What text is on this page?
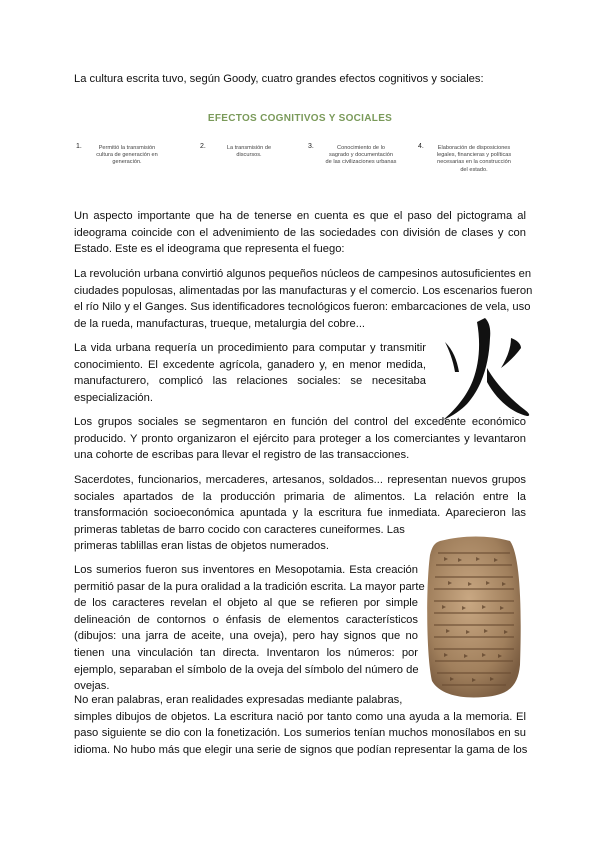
La cultura escrita tuvo, según Goody, cuatro grandes efectos cognitivos y sociales:
EFECTOS COGNITIVOS Y SOCIALES
1.	Permitió la transmisión
cultura de generación en
generación.
2.	La transmisión de
discursos.
3.	Conocimiento de lo
sagrado y documentación
de las civilizaciones urbanas
4.	Elaboración de disposiciones
legales, financieras y políticas
necesarias en la construcción
del estado.
Un aspecto importante que ha de tenerse en cuenta es que el paso del pictograma al
ideograma coincide con el advenimiento de las sociedades con división de clases y con
Estado. Este es el ideograma que representa el fuego:
La revolución urbana convirtió algunos pequeños núcleos de campesinos autosuficientes en
ciudades populosas, alimentadas por las manufacturas y el comercio. Los escenarios fueron
el río Nilo y el Ganges. Sus identificadores tecnológicos fueron: embarcaciones de vela, uso
de la rueda, manufacturas, trueque, metalurgia del cobre...
La vida urbana requería un procedimiento para computar y transmitir
conocimiento. El excedente agrícola, ganadero y, en menor medida,
manufacturero, complicó las relaciones sociales: se necesitaba
especialización.
Los grupos sociales se segmentaron en función del control del excedente económico
producido. Y pronto organizaron el ejército para proteger a los comerciantes y levantaron
una cohorte de escribas para llevar el registro de las transacciones.
Sacerdotes, funcionarios, mercaderes, artesanos, soldados... representan nuevos grupos
sociales apartados de la producción primaria de alimentos. La relación entre la
transformación socioeconómica apuntada y la escritura fue inmediata. Aparecieron las
primeras tabletas de barro cocido con caracteres cuneiformes. Las
primeras tablillas eran listas de objetos numerados.
Los sumerios fueron sus inventores en Mesopotamia. Esta creación
permitió pasar de la pura oralidad a la tradición escrita. La mayor parte
de los caracteres revelan el objeto al que se refieren por simple
delineación de contornos o énfasis de elementos característicos
(dibujos: una jarra de aceite, una oveja), pero hay signos que no
tienen una vinculación tan directa. Inventaron los números: por
ejemplo, separaban el símbolo de la oveja del símbolo del número de
ovejas.
No eran palabras, eran realidades expresadas mediante palabras,
simples dibujos de objetos. La escritura nació por tanto como una ayuda a la memoria. El
paso siguiente se dio con la fonetización. Los sumerios tenían muchos monosílabos en su
idioma. No hubo más que elegir una serie de signos que podían representar la gama de los
